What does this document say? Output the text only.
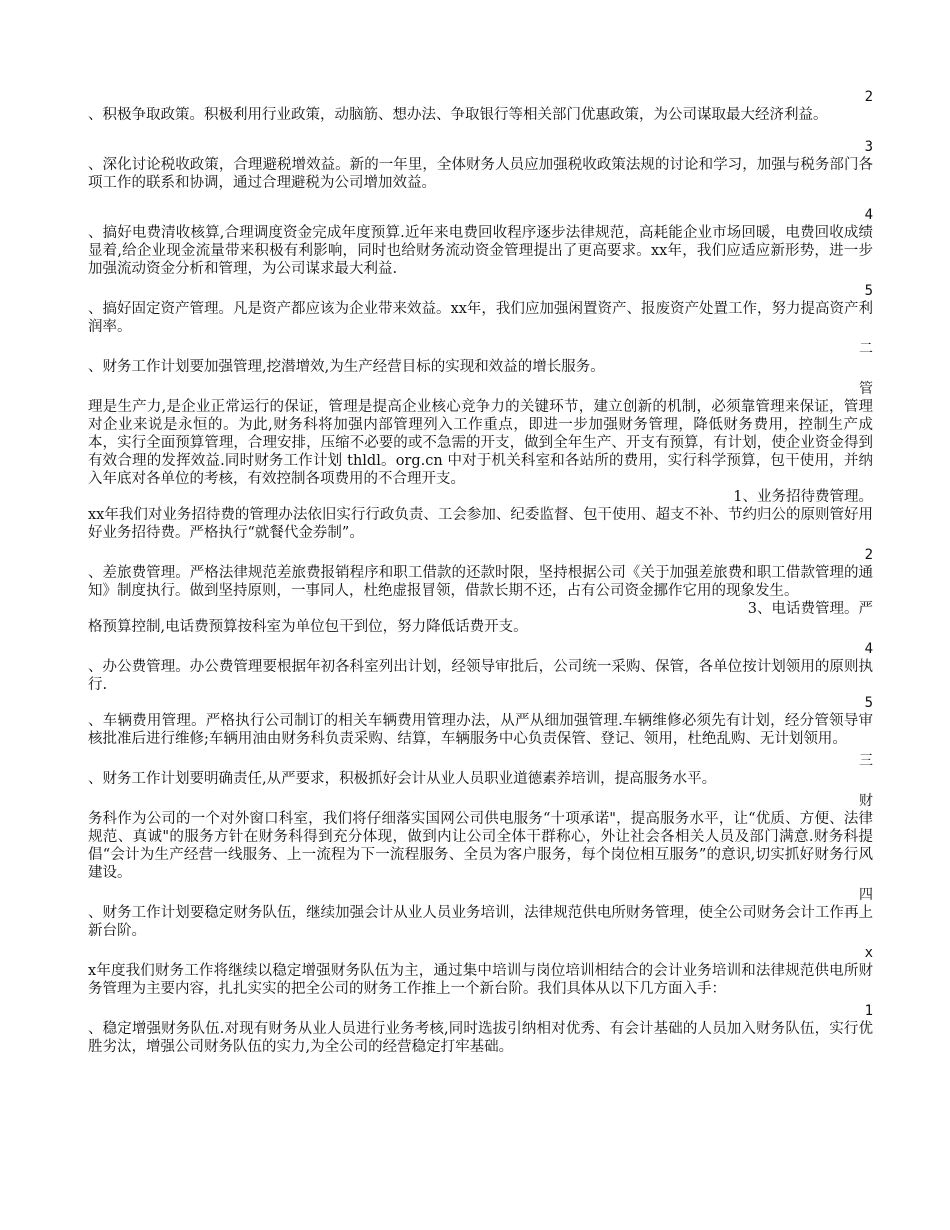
2

、积极争取政策。积极利用行业政策，动脑筋、想办法、争取银行等相关部门优惠政策，为公司谋取最大经济利益。

3

、深化讨论税收政策，合理避税增效益。新的一年里，全体财务人员应加强税收政策法规的讨论和学习，加强与税务部门各项工作的联系和协调，通过合理避税为公司增加效益。

4

、搞好电费清收核算,合理调度资金完成年度预算.近年来电费回收程序逐步法律规范，高耗能企业市场回暖，电费回收成绩显着,给企业现金流量带来积极有利影响，同时也给财务流动资金管理提出了更高要求。xx年，我们应适应新形势，进一步加强流动资金分析和管理，为公司谋求最大利益.

5

、搞好固定资产管理。凡是资产都应该为企业带来效益。xx年，我们应加强闲置资产、报废资产处置工作，努力提高资产利润率。

二

、财务工作计划要加强管理,挖潜增效,为生产经营目标的实现和效益的增长服务。

管

理是生产力,是企业正常运行的保证，管理是提高企业核心竞争力的关键环节，建立创新的机制，必须靠管理来保证，管理对企业来说是永恒的。为此,财务科将加强内部管理列入工作重点，即进一步加强财务管理，降低财务费用，控制生产成本，实行全面预算管理，合理安排，压缩不必要的或不急需的开支，做到全年生产、开支有预算，有计划，使企业资金得到有效合理的发挥效益.同时财务工作计划 thldl。org.cn 中对于机关科室和各站所的费用，实行科学预算，包干使用，并纳入年底对各单位的考核，有效控制各项费用的不合理开支。

1、业务招待费管理。

xx年我们对业务招待费的管理办法依旧实行行政负责、工会参加、纪委监督、包干使用、超支不补、节约归公的原则管好用好业务招待费。严格执行“就餐代金券制”。

2

、差旅费管理。严格法律规范差旅费报销程序和职工借款的还款时限，坚持根据公司《关于加强差旅费和职工借款管理的通知》制度执行。做到坚持原则，一事同人，杜绝虚报冒领，借款长期不还，占有公司资金挪作它用的现象发生。

3、电话费管理。严

格预算控制,电话费预算按科室为单位包干到位，努力降低话费开支。

4

、办公费管理。办公费管理要根据年初各科室列出计划，经领导审批后，公司统一采购、保管，各单位按计划领用的原则执行.

5

、车辆费用管理。严格执行公司制订的相关车辆费用管理办法，从严从细加强管理.车辆维修必须先有计划，经分管领导审核批准后进行维修;车辆用油由财务科负责采购、结算，车辆服务中心负责保管、登记、领用，杜绝乱购、无计划领用。

三

、财务工作计划要明确责任,从严要求，积极抓好会计从业人员职业道德素养培训，提高服务水平。

财

务科作为公司的一个对外窗口科室，我们将仔细落实国网公司供电服务“十项承诺"，提高服务水平，让“优质、方便、法律规范、真诚"的服务方针在财务科得到充分体现，做到内让公司全体干群称心，外让社会各相关人员及部门满意.财务科提倡“会计为生产经营一线服务、上一流程为下一流程服务、全员为客户服务，每个岗位相互服务”的意识,切实抓好财务行风建设。

四

、财务工作计划要稳定财务队伍，继续加强会计从业人员业务培训，法律规范供电所财务管理，使全公司财务会计工作再上新台阶。

x

x年度我们财务工作将继续以稳定增强财务队伍为主，通过集中培训与岗位培训相结合的会计业务培训和法律规范供电所财务管理为主要内容，扎扎实实的把全公司的财务工作推上一个新台阶。我们具体从以下几方面入手：

1

、稳定增强财务队伍.对现有财务从业人员进行业务考核,同时选拔引纳相对优秀、有会计基础的人员加入财务队伍，实行优胜劣汰，增强公司财务队伍的实力,为全公司的经营稳定打牢基础。
